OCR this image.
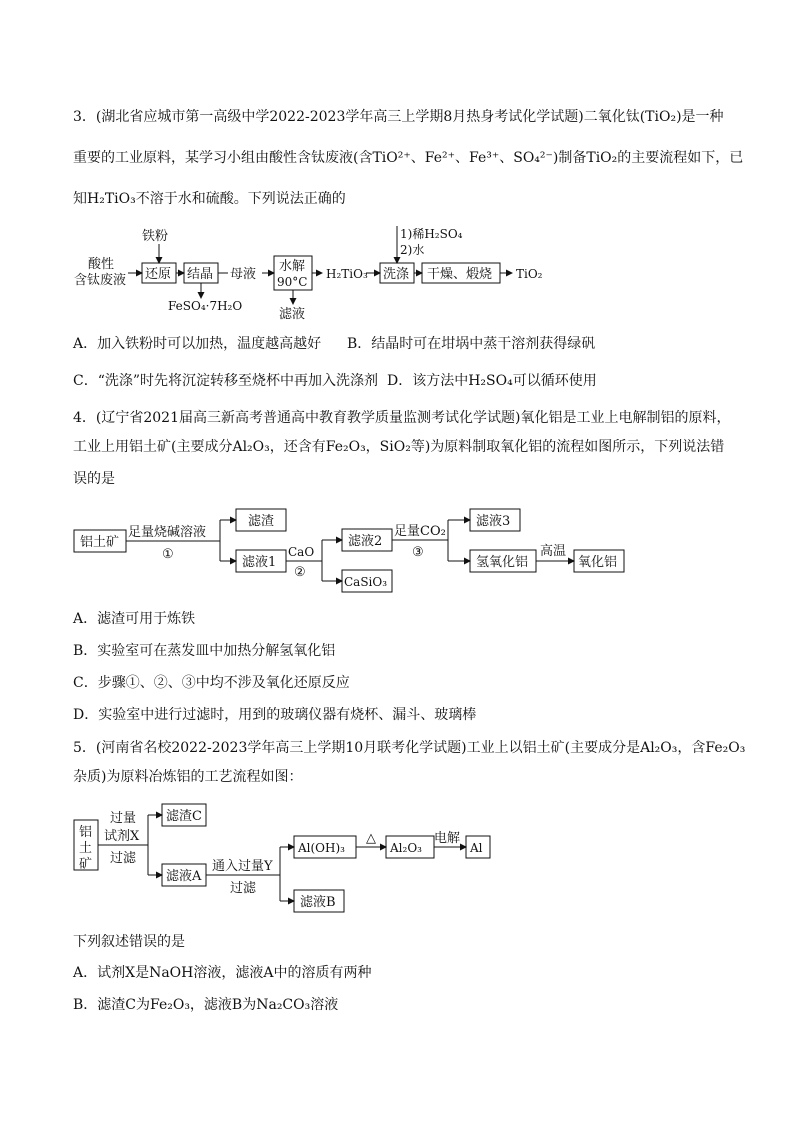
3．(湖北省应城市第一高级中学2022-2023学年高三上学期8月热身考试化学试题)二氧化钛(TiO₂)是一种
重要的工业原料，某学习小组由酸性含钛废液(含TiO²⁺、Fe²⁺、Fe³⁺、SO₄²⁻)制备TiO₂的主要流程如下，已
知H₂TiO₃不溶于水和硫酸。下列说法正确的
酸性
含钛废液
铁粉
还原 结晶 母液
水解
90°C
H₂TiO₃ 洗涤 干燥、煅烧 TiO₂
FeSO₄·7H₂O
滤液
1)稀H₂SO₄
2)水
A．加入铁粉时可以加热，温度越高越好 B．结晶时可在坩埚中蒸干溶剂获得绿矾
C．“洗涤”时先将沉淀转移至烧杯中再加入洗涤剂 D．该方法中H₂SO₄可以循环使用
4．(辽宁省2021届高三新高考普通高中教育教学质量监测考试化学试题)氧化铝是工业上电解制铝的原料，
工业上用铝土矿(主要成分Al₂O₃，还含有Fe₂O₃，SiO₂等)为原料制取氧化铝的流程如图所示，下列说法错
误的是
铝土矿
足量烧碱溶液
①
滤渣
滤液1
CaO
②
滤液2
CaSiO₃
足量CO₂
③
滤液3
氢氧化铝
高温
氧化铝
A．滤渣可用于炼铁
B．实验室可在蒸发皿中加热分解氢氧化铝
C．步骤①、②、③中均不涉及氧化还原反应
D．实验室中进行过滤时，用到的玻璃仪器有烧杯、漏斗、玻璃棒
5．(河南省名校2022-2023学年高三上学期10月联考化学试题)工业上以铝土矿(主要成分是Al₂O₃，含Fe₂O₃
杂质)为原料冶炼铝的工艺流程如图：
铝
土
矿
过量
试剂X
过滤
滤渣C
滤液A
通入过量Y
过滤
Al(OH)₃
△
Al₂O₃
电解
Al
滤液B
下列叙述错误的是
A．试剂X是NaOH溶液，滤液A中的溶质有两种
B．滤渣C为Fe₂O₃，滤液B为Na₂CO₃溶液
